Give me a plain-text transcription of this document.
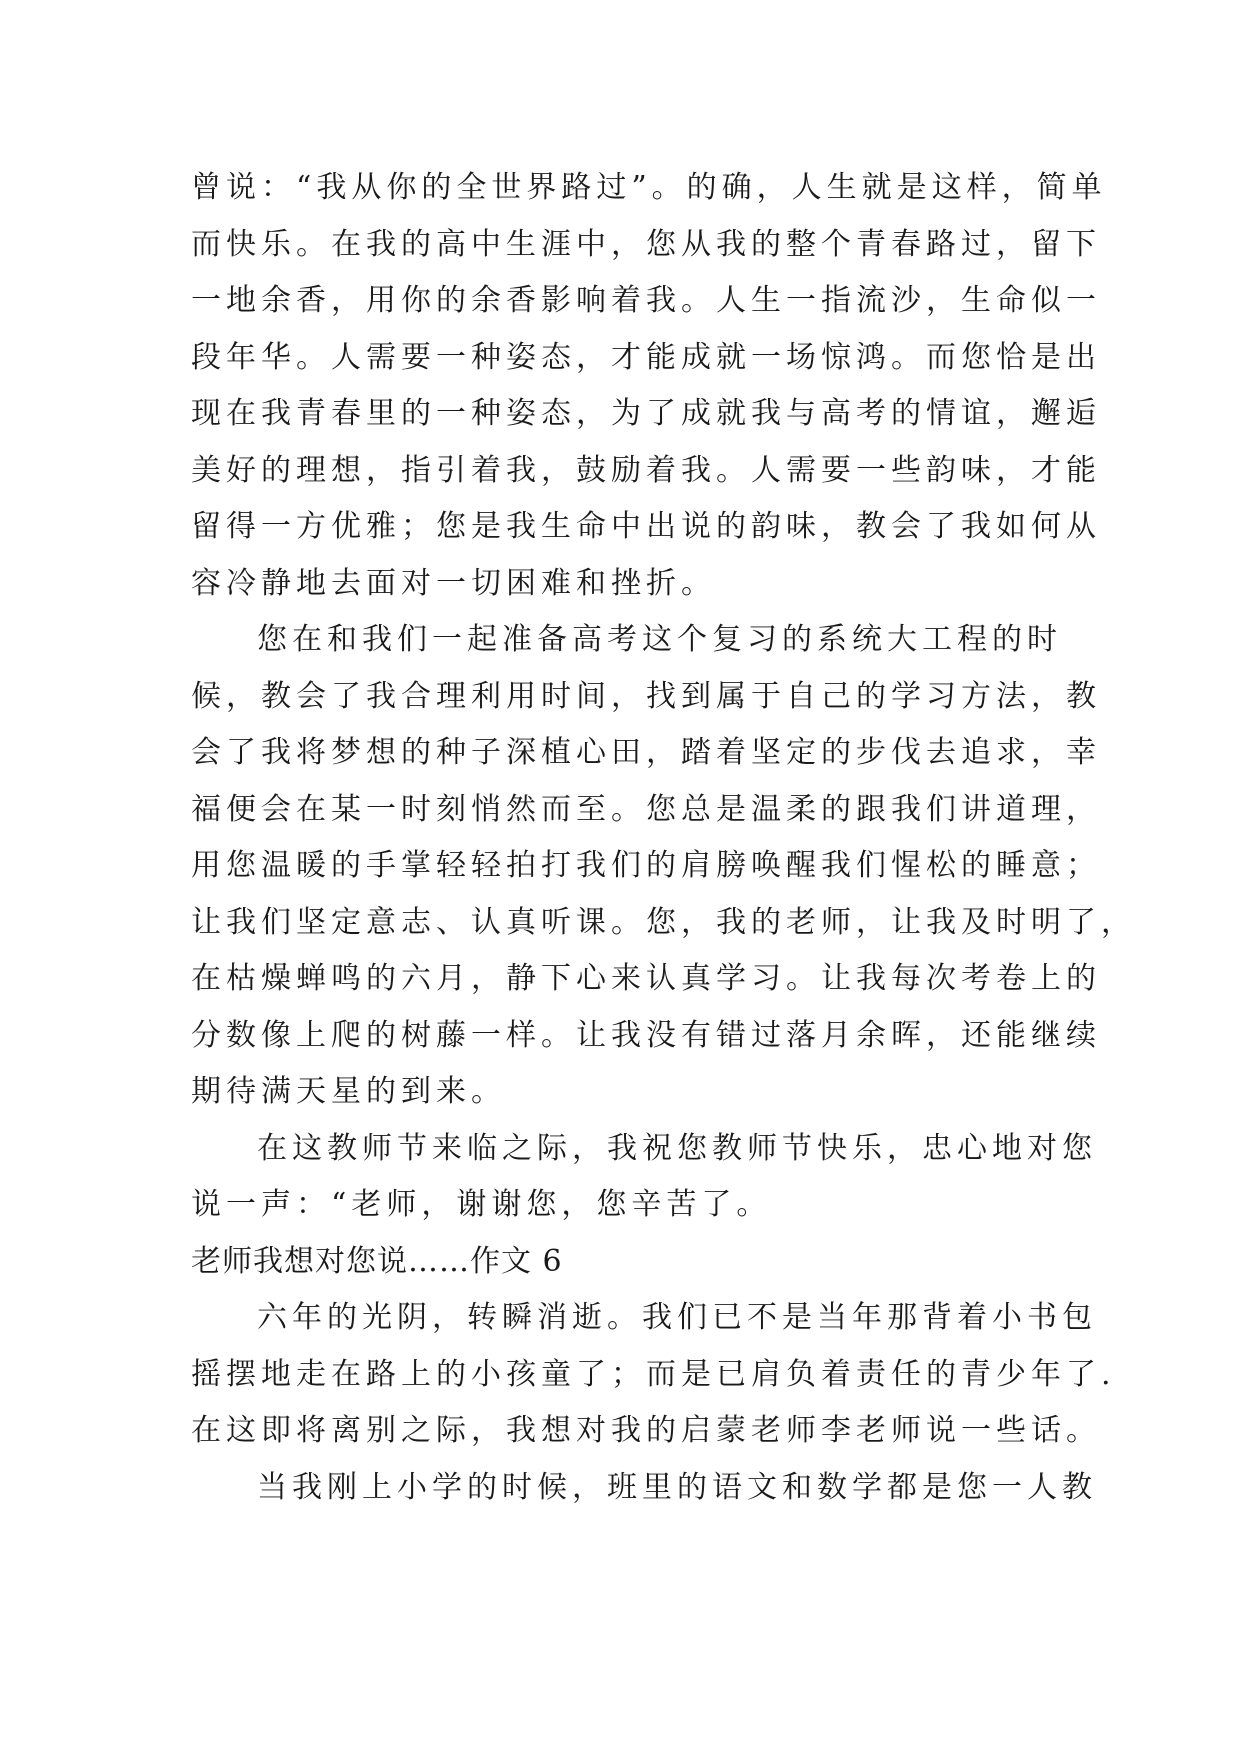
曾说：“我从你的全世界路过”。的确，人生就是这样，简单
而快乐。在我的高中生涯中，您从我的整个青春路过，留下
一地余香，用你的余香影响着我。人生一指流沙，生命似一
段年华。人需要一种姿态，才能成就一场惊鸿。而您恰是出
现在我青春里的一种姿态，为了成就我与高考的情谊，邂逅
美好的理想，指引着我，鼓励着我。人需要一些韵味，才能
留得一方优雅；您是我生命中出说的韵味，教会了我如何从
容冷静地去面对一切困难和挫折。
您在和我们一起准备高考这个复习的系统大工程的时
候，教会了我合理利用时间，找到属于自己的学习方法，教
会了我将梦想的种子深植心田，踏着坚定的步伐去追求，幸
福便会在某一时刻悄然而至。您总是温柔的跟我们讲道理，
用您温暖的手掌轻轻拍打我们的肩膀唤醒我们惺松的睡意；
让我们坚定意志、认真听课。您，我的老师，让我及时明了，
在枯燥蝉鸣的六月，静下心来认真学习。让我每次考卷上的
分数像上爬的树藤一样。让我没有错过落月余晖，还能继续
期待满天星的到来。
在这教师节来临之际，我祝您教师节快乐，忠心地对您
说一声：“老师，谢谢您，您辛苦了。
老师我想对您说……作文 6
六年的光阴，转瞬消逝。我们已不是当年那背着小书包
摇摆地走在路上的小孩童了；而是已肩负着责任的青少年了.
在这即将离别之际，我想对我的启蒙老师李老师说一些话。
当我刚上小学的时候，班里的语文和数学都是您一人教
